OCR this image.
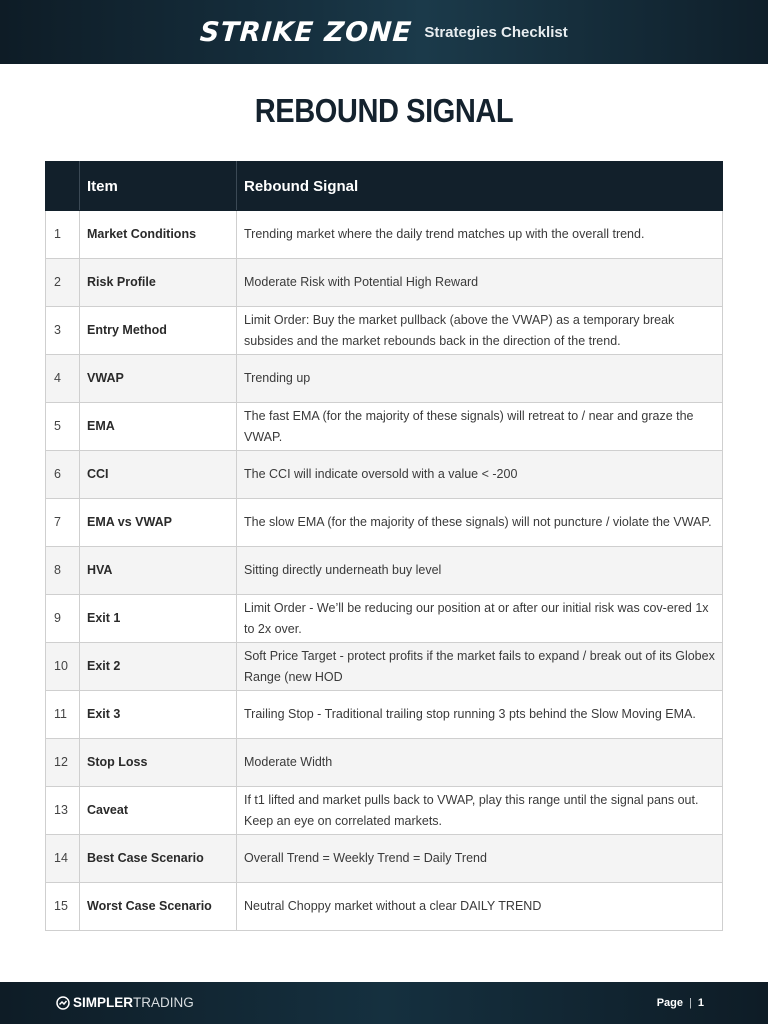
STRIKE ZONE Strategies Checklist
REBOUND SIGNAL
	Item	Rebound Signal
1	Market Conditions	Trending market where the daily trend matches up with the overall trend.
2	Risk Profile	Moderate Risk with Potential High Reward
3	Entry Method	Limit Order: Buy the market pullback (above the VWAP) as a temporary break subsides and the market rebounds back in the direction of the trend.
4	VWAP	Trending up
5	EMA	The fast EMA (for the majority of these signals) will retreat to / near and graze the VWAP.
6	CCI	The CCI will indicate oversold with a value < -200
7	EMA vs VWAP	The slow EMA (for the majority of these signals) will not puncture / violate the VWAP.
8	HVA	Sitting directly underneath buy level
9	Exit 1	Limit Order - We’ll be reducing our position at or after our initial risk was cov-ered 1x to 2x over.
10	Exit 2	Soft Price Target - protect profits if the market fails to expand / break out of its Globex Range (new HOD
11	Exit 3	Trailing Stop - Traditional trailing stop running 3 pts behind the Slow Moving EMA.
12	Stop Loss	Moderate Width
13	Caveat	If t1 lifted and market pulls back to VWAP, play this range until the signal pans out. Keep an eye on correlated markets.
14	Best Case Scenario	Overall Trend = Weekly Trend = Daily Trend
15	Worst Case Scenario	Neutral Choppy market without a clear DAILY TREND
SIMPLER TRADING	Page | 1
